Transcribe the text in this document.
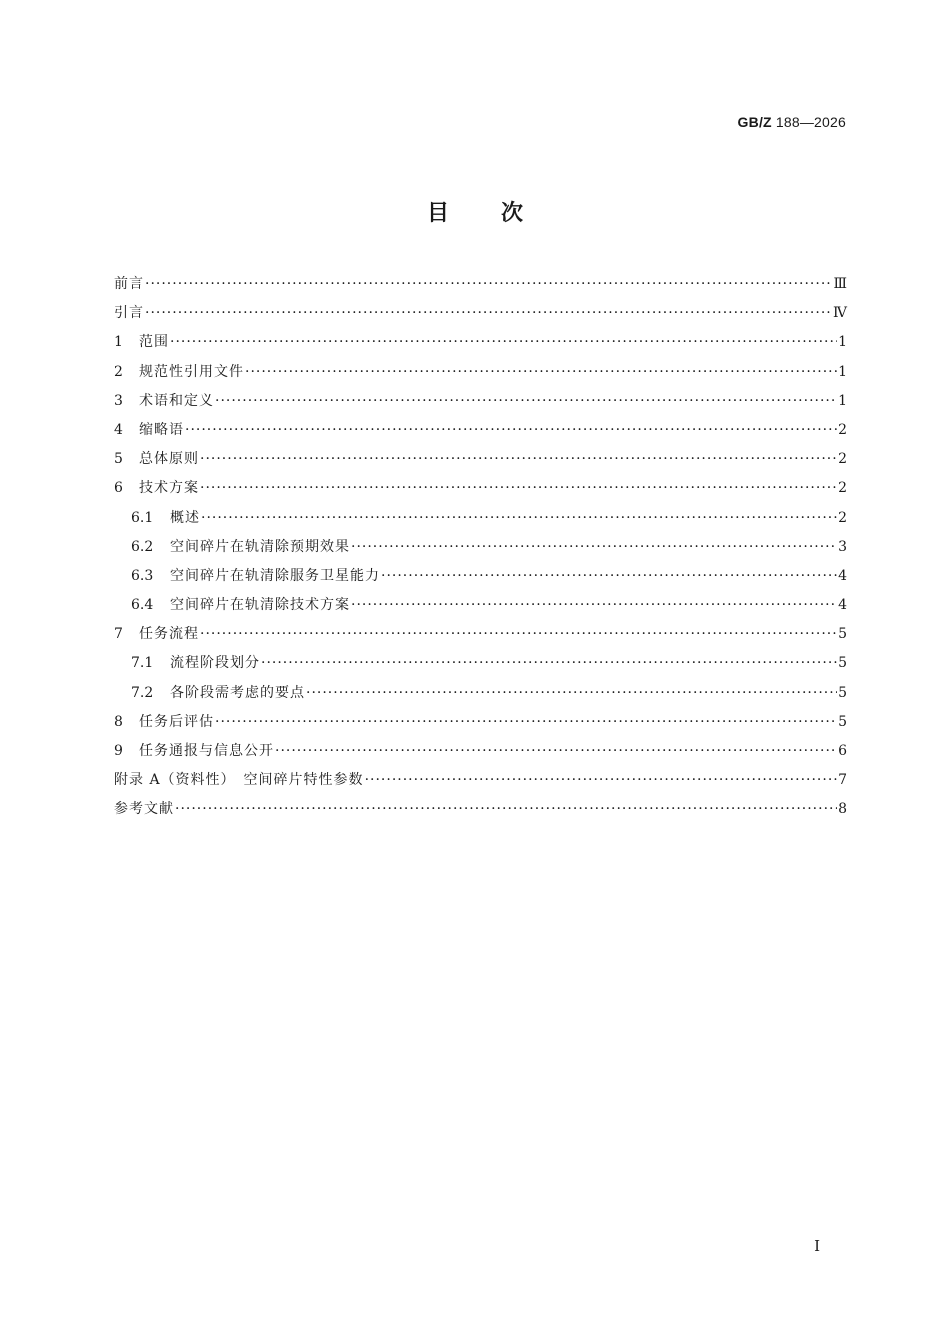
GB/Z 188—2026
目次
前言 ·····	Ⅲ
引言 ·····	Ⅳ
1	范围 ·····	1
2	规范性引用文件 ·····	1
3	术语和定义 ·····	1
4	缩略语 ·····	2
5	总体原则 ·····	2
6	技术方案 ·····	2
6.1	概述 ·····	2
6.2	空间碎片在轨清除预期效果 ·····	3
6.3	空间碎片在轨清除服务卫星能力 ·····	4
6.4	空间碎片在轨清除技术方案 ·····	4
7	任务流程 ·····	5
7.1	流程阶段划分 ·····	5
7.2	各阶段需考虑的要点 ·····	5
8	任务后评估 ·····	5
9	任务通报与信息公开 ·····	6
附录 A（资料性）　空间碎片特性参数 ·····	7
参考文献 ·····	8
Ⅰ
